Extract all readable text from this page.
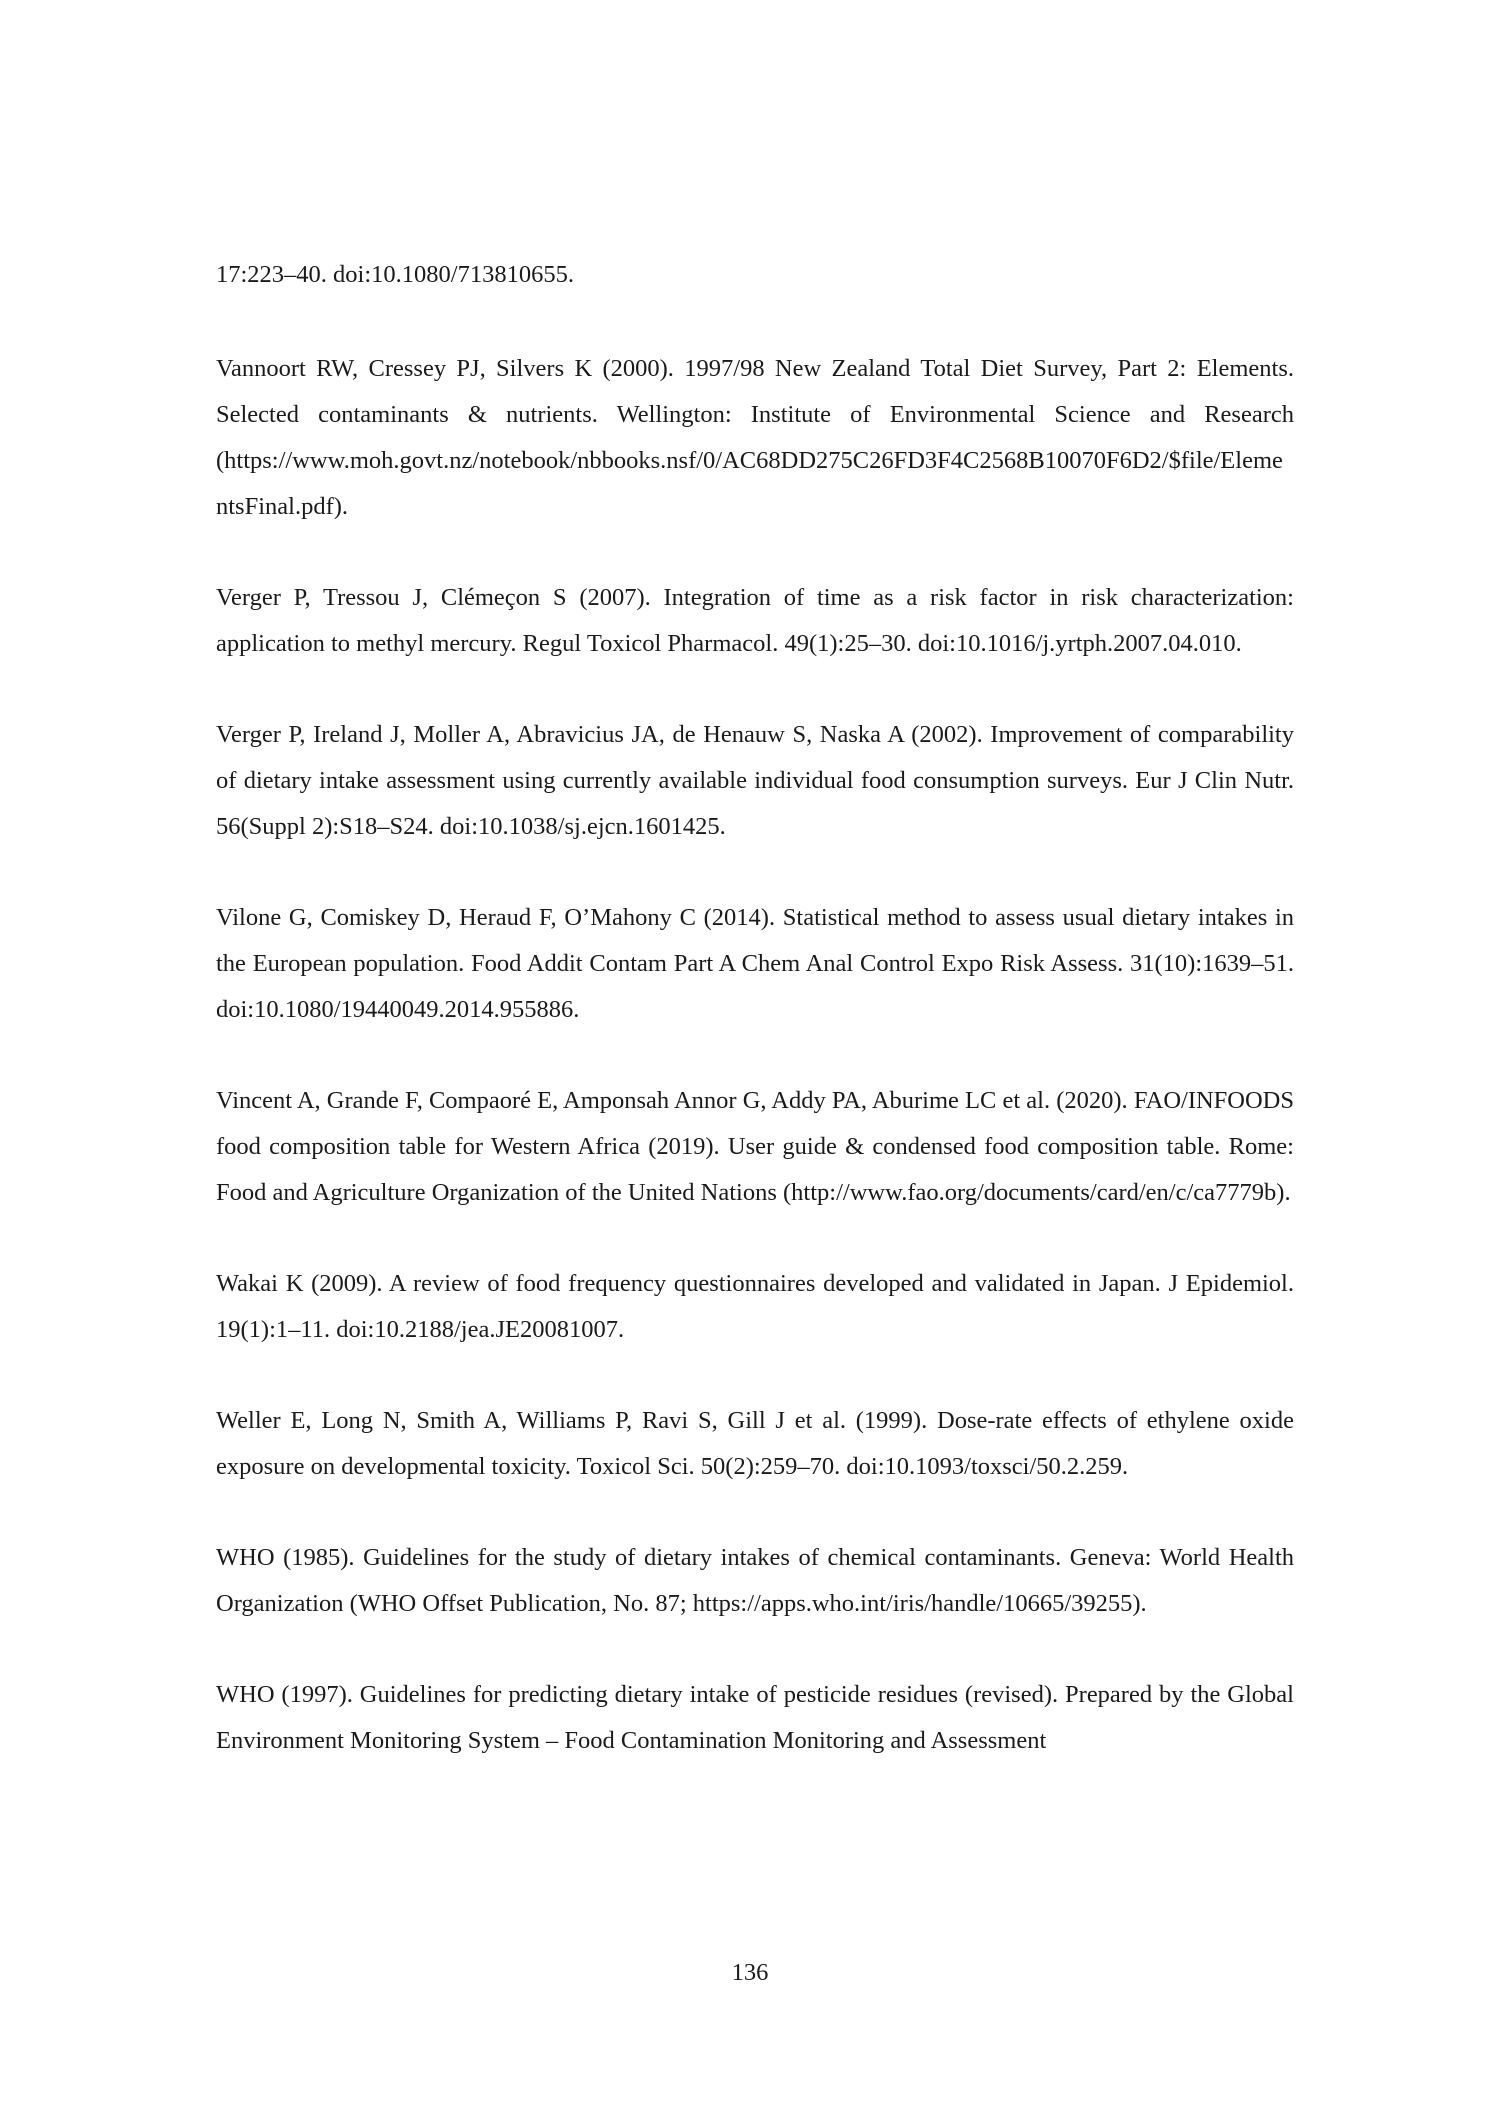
17:223–40. doi:10.1080/713810655.

Vannoort RW, Cressey PJ, Silvers K (2000). 1997/98 New Zealand Total Diet Survey, Part 2: Elements. Selected contaminants & nutrients. Wellington: Institute of Environmental Science and Research (https://www.moh.govt.nz/notebook/nbbooks.nsf/0/AC68DD275C26FD3F4C2568B10070F6D2/$file/ElementsFinal.pdf).

Verger P, Tressou J, Clémeçon S (2007). Integration of time as a risk factor in risk characterization: application to methyl mercury. Regul Toxicol Pharmacol. 49(1):25–30. doi:10.1016/j.yrtph.2007.04.010.

Verger P, Ireland J, Moller A, Abravicius JA, de Henauw S, Naska A (2002). Improvement of comparability of dietary intake assessment using currently available individual food consumption surveys. Eur J Clin Nutr. 56(Suppl 2):S18–S24. doi:10.1038/sj.ejcn.1601425.

Vilone G, Comiskey D, Heraud F, O’Mahony C (2014). Statistical method to assess usual dietary intakes in the European population. Food Addit Contam Part A Chem Anal Control Expo Risk Assess. 31(10):1639–51. doi:10.1080/19440049.2014.955886.

Vincent A, Grande F, Compaoré E, Amponsah Annor G, Addy PA, Aburime LC et al. (2020). FAO/INFOODS food composition table for Western Africa (2019). User guide & condensed food composition table. Rome: Food and Agriculture Organization of the United Nations (http://www.fao.org/documents/card/en/c/ca7779b).

Wakai K (2009). A review of food frequency questionnaires developed and validated in Japan. J Epidemiol. 19(1):1–11. doi:10.2188/jea.JE20081007.

Weller E, Long N, Smith A, Williams P, Ravi S, Gill J et al. (1999). Dose-rate effects of ethylene oxide exposure on developmental toxicity. Toxicol Sci. 50(2):259–70. doi:10.1093/toxsci/50.2.259.

WHO (1985). Guidelines for the study of dietary intakes of chemical contaminants. Geneva: World Health Organization (WHO Offset Publication, No. 87; https://apps.who.int/iris/handle/10665/39255).

WHO (1997). Guidelines for predicting dietary intake of pesticide residues (revised). Prepared by the Global Environment Monitoring System – Food Contamination Monitoring and Assessment

136
